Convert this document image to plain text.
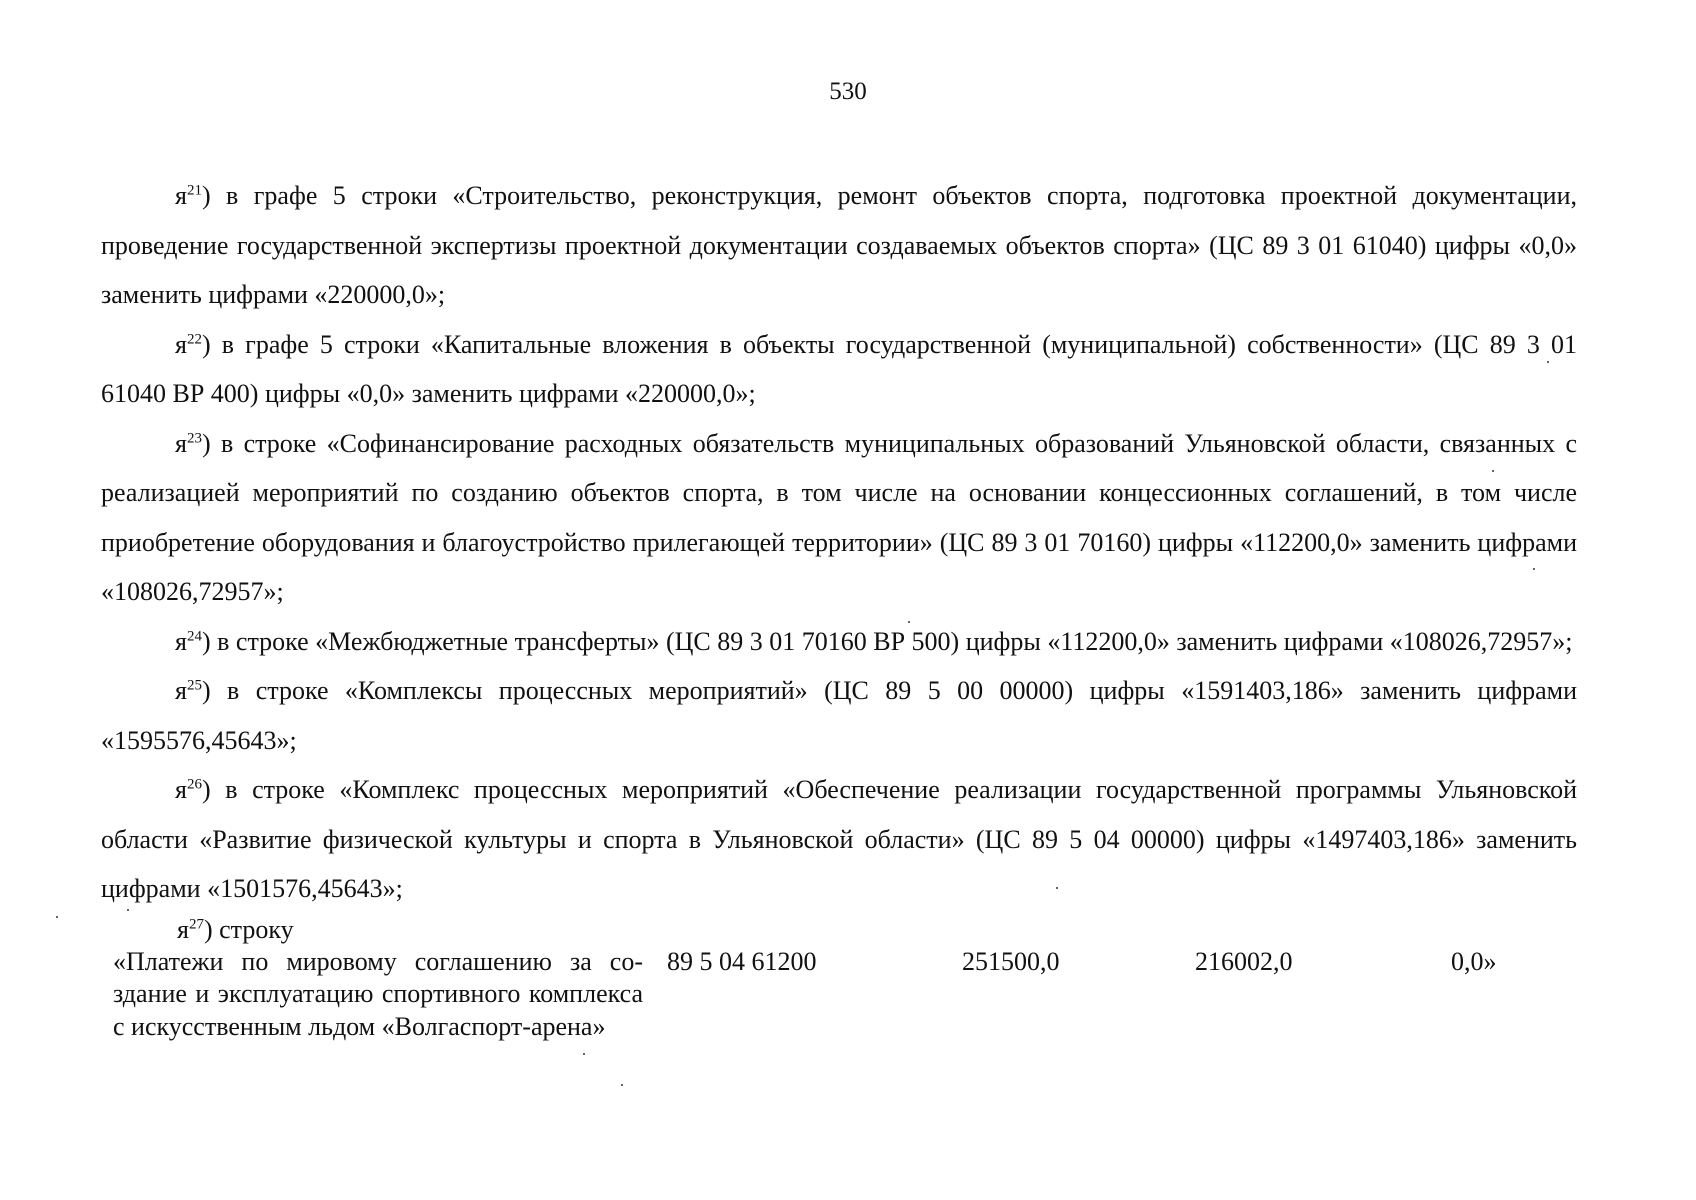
530

$я^{21}$) в графе 5 строки «Строительство, реконструкция, ремонт объектов спорта, подготовка проектной документации, проведение государственной экспертизы проектной документации создаваемых объектов спорта» (ЦС 89 3 01 61040) цифры «0,0» заменить цифрами «220000,0»;

$я^{22}$) в графе 5 строки «Капитальные вложения в объекты государственной (муниципальной) собственности» (ЦС 89 3 01 61040 ВР 400) цифры «0,0» заменить цифрами «220000,0»;

$я^{23}$) в строке «Софинансирование расходных обязательств муниципальных образований Ульяновской области, связанных с реализацией мероприятий по созданию объектов спорта, в том числе на основании концессионных соглашений, в том числе приобретение оборудования и благоустройство прилегающей территории» (ЦС 89 3 01 70160) цифры «112200,0» заменить цифрами «108026,72957»;

$я^{24}$) в строке «Межбюджетные трансферты» (ЦС 89 3 01 70160 ВР 500) цифры «112200,0» заменить цифрами «108026,72957»;

$я^{25}$) в строке «Комплексы процессных мероприятий» (ЦС 89 5 00 00000) цифры «1591403,186» заменить цифрами «1595576,45643»;

$я^{26}$) в строке «Комплекс процессных мероприятий «Обеспечение реализации государственной программы Ульяновской области «Развитие физической культуры и спорта в Ульяновской области» (ЦС 89 5 04 00000) цифры «1497403,186» заменить цифрами «1501576,45643»;

$я^{27}$) строку

«Платежи по мировому соглашению за создание и эксплуатацию спортивного комплекса с искусственным льдом «Волгаспорт-арена»
89 5 04 61200	251500,0	216002,0	0,0»
